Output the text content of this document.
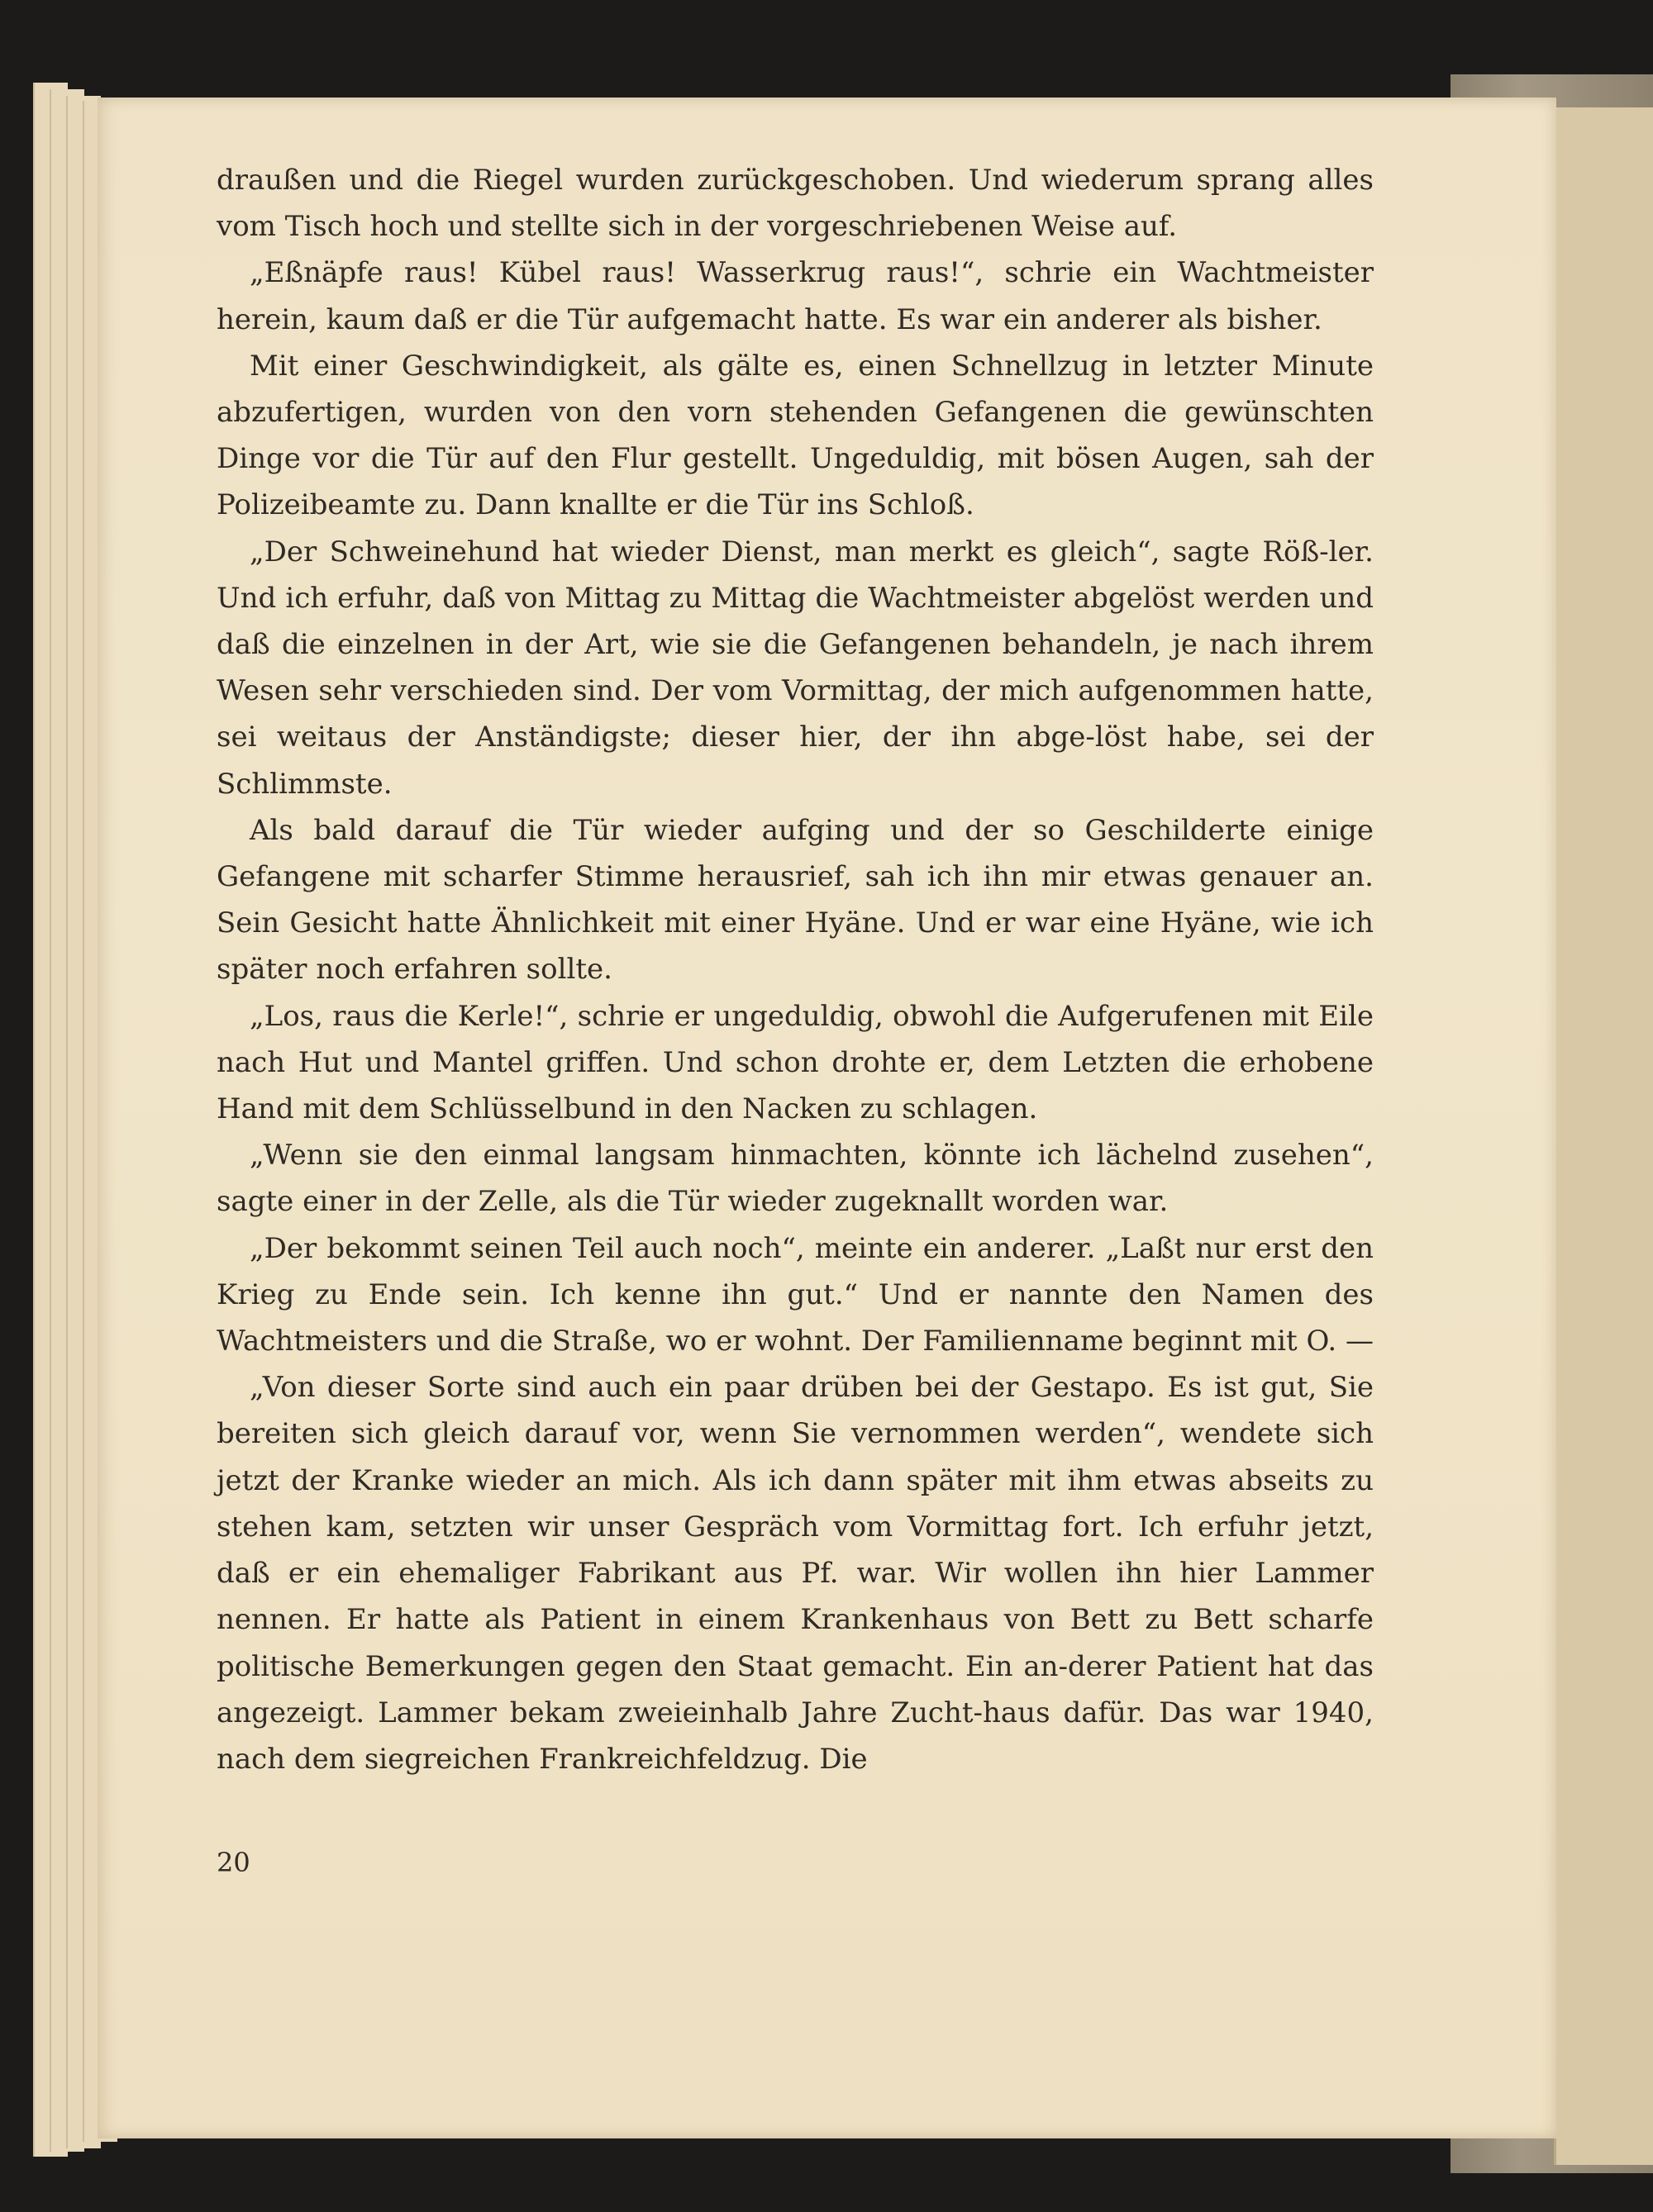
draußen und die Riegel wurden zurückgeschoben. Und wiederum sprang alles vom Tisch hoch und stellte sich in der vorgeschriebenen Weise auf.

„Eßnäpfe raus! Kübel raus! Wasserkrug raus!“, schrie ein Wachtmeister herein, kaum daß er die Tür aufgemacht hatte. Es war ein anderer als bisher.

Mit einer Geschwindigkeit, als gälte es, einen Schnellzug in letzter Minute abzufertigen, wurden von den vorn stehenden Gefangenen die gewünschten Dinge vor die Tür auf den Flur gestellt. Ungeduldig, mit bösen Augen, sah der Polizeibeamte zu. Dann knallte er die Tür ins Schloß.

„Der Schweinehund hat wieder Dienst, man merkt es gleich“, sagte Röß-ler. Und ich erfuhr, daß von Mittag zu Mittag die Wachtmeister abgelöst werden und daß die einzelnen in der Art, wie sie die Gefangenen behandeln, je nach ihrem Wesen sehr verschieden sind. Der vom Vormittag, der mich aufgenommen hatte, sei weitaus der Anständigste; dieser hier, der ihn abge-löst habe, sei der Schlimmste.

Als bald darauf die Tür wieder aufging und der so Geschilderte einige Gefangene mit scharfer Stimme herausrief, sah ich ihn mir etwas genauer an. Sein Gesicht hatte Ähnlichkeit mit einer Hyäne. Und er war eine Hyäne, wie ich später noch erfahren sollte.

„Los, raus die Kerle!“, schrie er ungeduldig, obwohl die Aufgerufenen mit Eile nach Hut und Mantel griffen. Und schon drohte er, dem Letzten die erhobene Hand mit dem Schlüsselbund in den Nacken zu schlagen.

„Wenn sie den einmal langsam hinmachten, könnte ich lächelnd zusehen“, sagte einer in der Zelle, als die Tür wieder zugeknallt worden war.

„Der bekommt seinen Teil auch noch“, meinte ein anderer. „Laßt nur erst den Krieg zu Ende sein. Ich kenne ihn gut.“ Und er nannte den Namen des Wachtmeisters und die Straße, wo er wohnt. Der Familienname beginnt mit O. —

„Von dieser Sorte sind auch ein paar drüben bei der Gestapo. Es ist gut, Sie bereiten sich gleich darauf vor, wenn Sie vernommen werden“, wendete sich jetzt der Kranke wieder an mich. Als ich dann später mit ihm etwas abseits zu stehen kam, setzten wir unser Gespräch vom Vormittag fort. Ich erfuhr jetzt, daß er ein ehemaliger Fabrikant aus Pf. war. Wir wollen ihn hier Lammer nennen. Er hatte als Patient in einem Krankenhaus von Bett zu Bett scharfe politische Bemerkungen gegen den Staat gemacht. Ein an-derer Patient hat das angezeigt. Lammer bekam zweieinhalb Jahre Zucht-haus dafür. Das war 1940, nach dem siegreichen Frankreichfeldzug. Die

20
